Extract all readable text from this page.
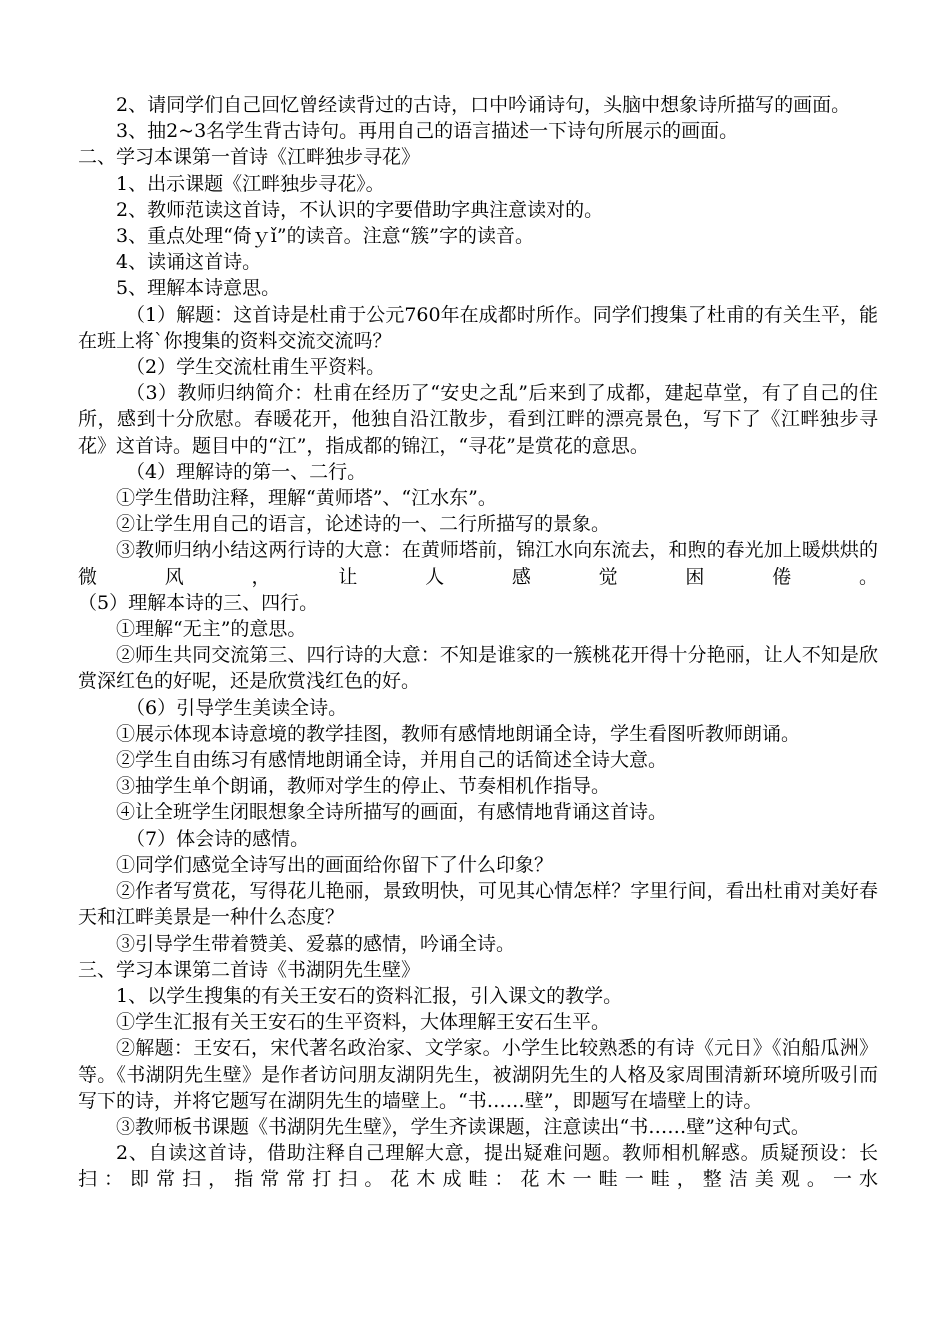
2、请同学们自己回忆曾经读背过的古诗，口中吟诵诗句，头脑中想象诗所描写的画面。

3、抽2~3名学生背古诗句。再用自己的语言描述一下诗句所展示的画面。

二、学习本课第一首诗《江畔独步寻花》

1、出示课题《江畔独步寻花》。

2、教师范读这首诗，不认识的字要借助字典注意读对的。

3、重点处理“倚ｙǐ”的读音。注意“簇”字的读音。

4、读诵这首诗。

5、理解本诗意思。

（1）解题：这首诗是杜甫于公元760年在成都时所作。同学们搜集了杜甫的有关生平，能在班上将`你搜集的资料交流交流吗？

（2）学生交流杜甫生平资料。

（3）教师归纳简介：杜甫在经历了“安史之乱”后来到了成都，建起草堂，有了自己的住所，感到十分欣慰。春暖花开，他独自沿江散步，看到江畔的漂亮景色，写下了《江畔独步寻花》这首诗。题目中的“江”，指成都的锦江，“寻花”是赏花的意思。

（4）理解诗的第一、二行。

①学生借助注释，理解“黄师塔”、“江水东”。

②让学生用自己的语言，论述诗的一、二行所描写的景象。

③教师归纳小结这两行诗的大意：在黄师塔前，锦江水向东流去，和煦的春光加上暖烘烘的微风，让人感觉困倦。

（5）理解本诗的三、四行。

①理解“无主”的意思。

②师生共同交流第三、四行诗的大意：不知是谁家的一簇桃花开得十分艳丽，让人不知是欣赏深红色的好呢，还是欣赏浅红色的好。

（6）引导学生美读全诗。

①展示体现本诗意境的教学挂图，教师有感情地朗诵全诗，学生看图听教师朗诵。

②学生自由练习有感情地朗诵全诗，并用自己的话简述全诗大意。

③抽学生单个朗诵，教师对学生的停止、节奏相机作指导。

④让全班学生闭眼想象全诗所描写的画面，有感情地背诵这首诗。

（7）体会诗的感情。

①同学们感觉全诗写出的画面给你留下了什么印象？

②作者写赏花，写得花儿艳丽，景致明快，可见其心情怎样？字里行间，看出杜甫对美好春天和江畔美景是一种什么态度？

③引导学生带着赞美、爱慕的感情，吟诵全诗。

三、学习本课第二首诗《书湖阴先生壁》

1、以学生搜集的有关王安石的资料汇报，引入课文的教学。

①学生汇报有关王安石的生平资料，大体理解王安石生平。

②解题：王安石，宋代著名政治家、文学家。小学生比较熟悉的有诗《元日》《泊船瓜洲》等。《书湖阴先生壁》是作者访问朋友湖阴先生，被湖阴先生的人格及家周围清新环境所吸引而写下的诗，并将它题写在湖阴先生的墙壁上。“书……壁”，即题写在墙壁上的诗。

③教师板书课题《书湖阴先生壁》，学生齐读课题，注意读出“书……壁”这种句式。

2、自读这首诗，借助注释自己理解大意，提出疑难问题。教师相机解惑。质疑预设：长扫：即常扫，指常常打扫。花木成畦：花木一畦一畦，整洁美观。一水
